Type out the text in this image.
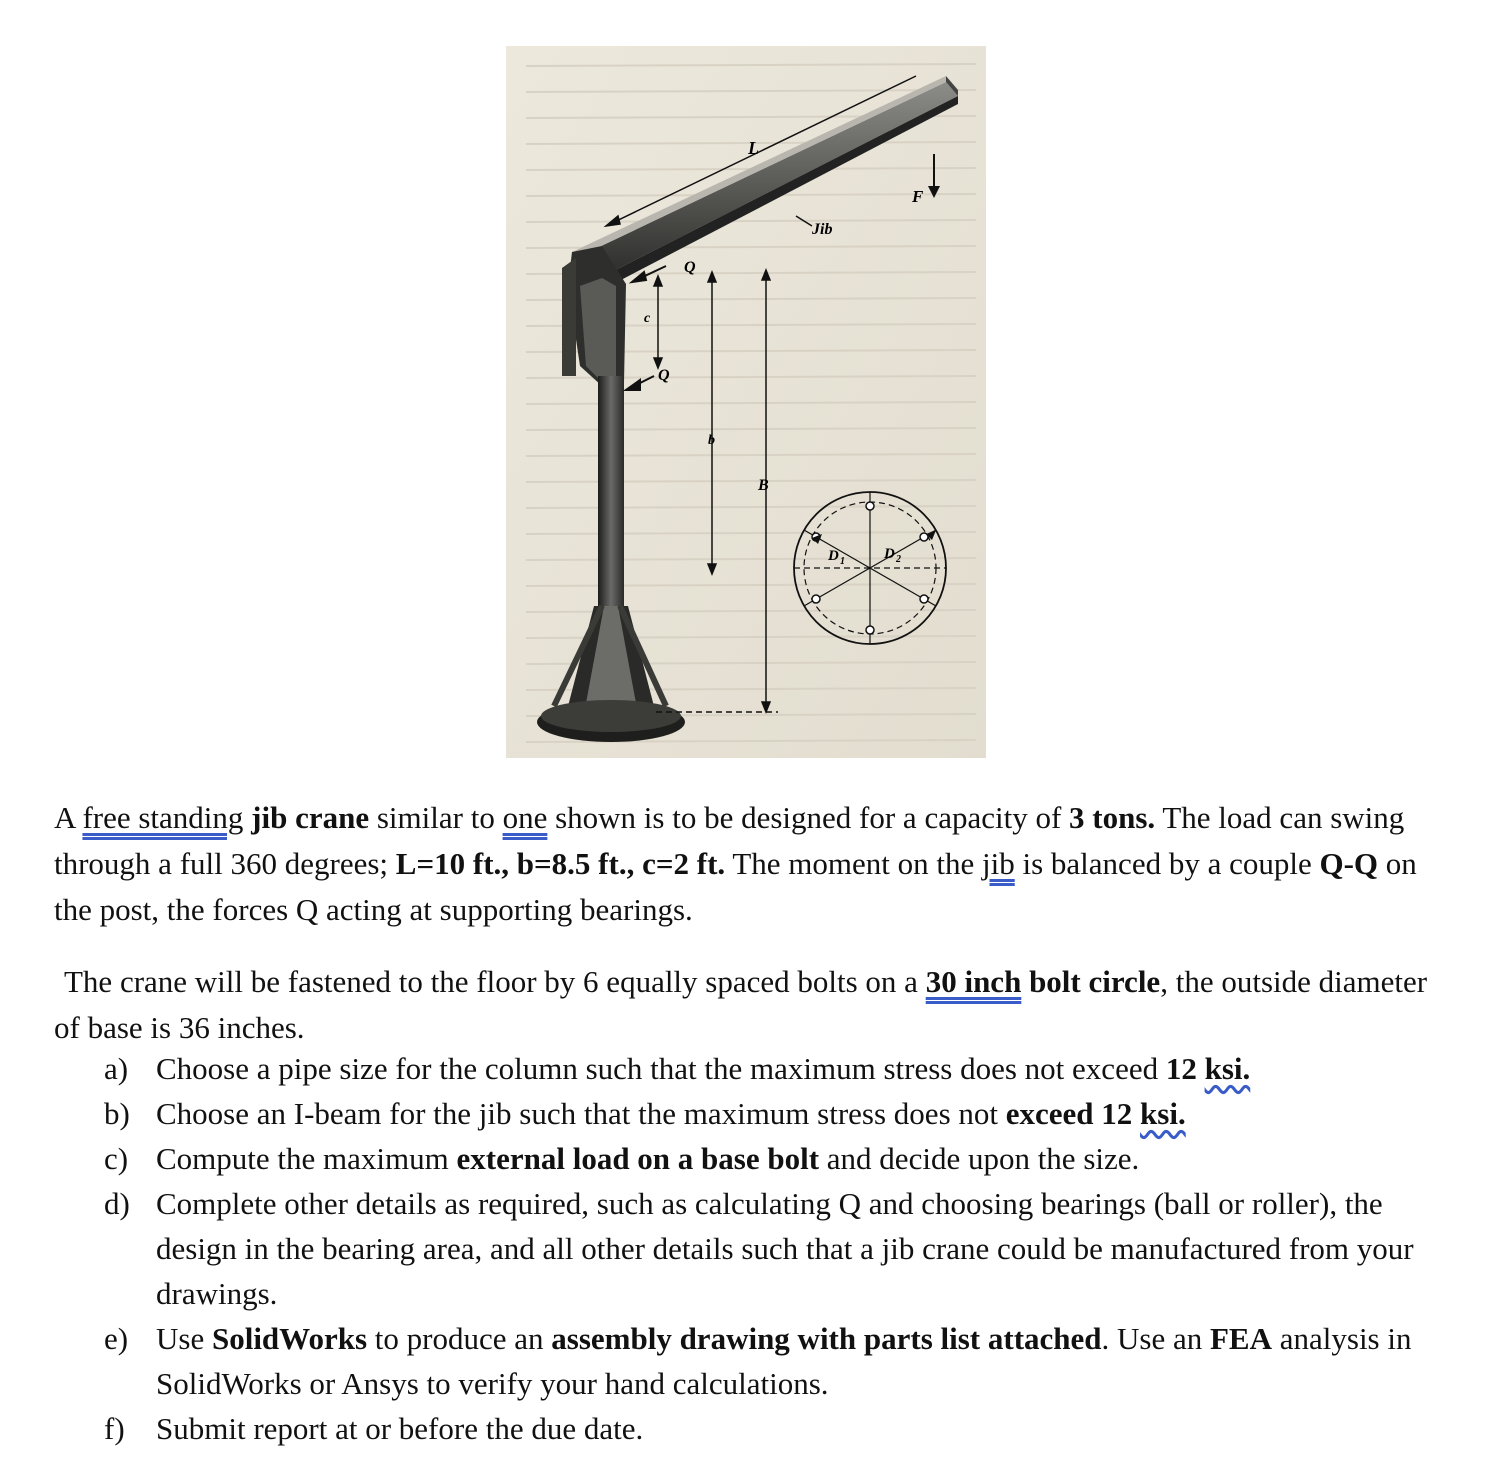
F
L
Jib
Q
Q
c
b
B
D 1	D 2

A free standing jib crane similar to one shown is to be designed for a capacity of 3 tons. The load can swing through a full 360 degrees; L=10 ft., b=8.5 ft., c=2 ft. The moment on the jib is balanced by a couple Q-Q on the post, the forces Q acting at supporting bearings.

The crane will be fastened to the floor by 6 equally spaced bolts on a 30 inch bolt circle, the outside diameter of base is 36 inches.

a) Choose a pipe size for the column such that the maximum stress does not exceed 12 ksi.
b) Choose an I-beam for the jib such that the maximum stress does not exceed 12 ksi.
c) Compute the maximum external load on a base bolt and decide upon the size.
d) Complete other details as required, such as calculating Q and choosing bearings (ball or roller), the design in the bearing area, and all other details such that a jib crane could be manufactured from your drawings.
e) Use SolidWorks to produce an assembly drawing with parts list attached. Use an FEA analysis in SolidWorks or Ansys to verify your hand calculations.
f) Submit report at or before the due date.
